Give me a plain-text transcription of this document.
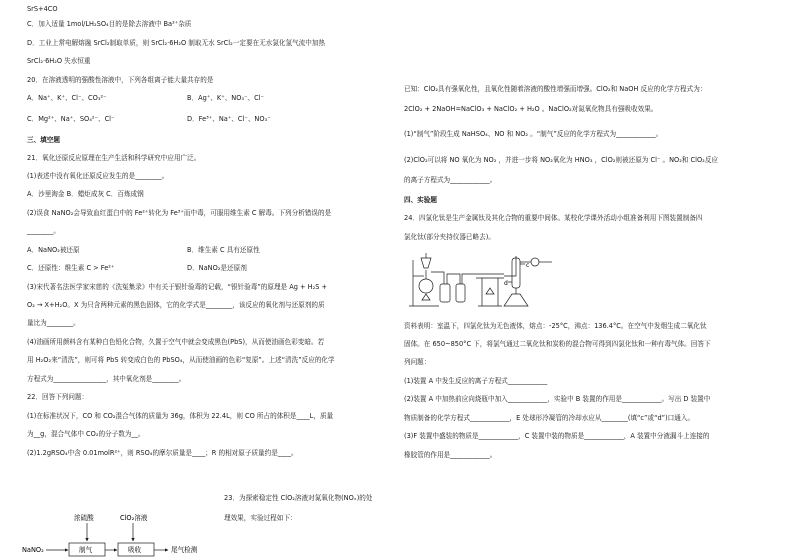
SrS+4CO
C．加入适量 1mol/LH₂SO₄目的是除去溶液中 Ba²⁺杂质
D．工业上常电解熔融 SrCl₂制取单质，则 SrCl₂·6H₂O 制取无水 SrCl₂一定要在无水氯化氢气流中加热
SrCl₂·6H₂O 失水恒重
20．在溶液透明的强酸性溶液中，下列各组离子能大量共存的是
A．Na⁺、K⁺、Cl⁻、CO₃²⁻	B．Ag⁺、K⁺、NO₃⁻、Cl⁻
C．Mg²⁺、Na⁺、SO₄²⁻、Cl⁻	D．Fe³⁺、Na⁺、Cl⁻、NO₃⁻
三、填空题
21．氧化还原反应原理在生产生活和科学研究中应用广泛。
(1)表述中没有氧化还原反应发生的是________。
A．沙里淘金 B．蜡炬成灰 C．百炼成钢
(2)误食 NaNO₂会导致血红蛋白中的 Fe²⁺转化为 Fe³⁺而中毒，可服用维生素 C 解毒。下列分析错误的是
________。
A．NaNO₂被还原	B．维生素 C 具有还原性
C．还原性：维生素 C > Fe²⁺	D．NaNO₂是还原剂
(3)宋代著名法医学家宋慈的《洗冤集录》中有关于银针验毒的记载，“银针验毒”的原理是 Ag + H₂S +
O₂ → X+H₂O。X 为只含两种元素的黑色固体，它的化学式是________，该反应的氧化剂与还原剂的质
量比为________。
(4)油画所用颜料含有某种白色铅化合物，久置于空气中就会变成黑色(PbS)，从而使油画色彩变暗。若
用 H₂O₂来“清洗”，则可将 PbS 转变成白色的 PbSO₄，从而使油画的色彩“复原”。上述“清洗”反应的化学
方程式为________________，其中氧化剂是________。
22．回答下列问题：
(1)在标准状况下，CO 和 CO₂混合气体的质量为 36g，体积为 22.4L，则 CO 所占的体积是____L，质量
为__g，混合气体中 CO₂的分子数为__。
(2)1.2gRSO₄中含 0.01molR²⁺，则 RSO₄的摩尔质量是____；R 的相对原子质量约是____。
23．为探索稳定性 ClO₂溶液对氮氧化物(NOₓ)的处
理效果，实验过程如下：
浓硫酸	ClO₂溶液
NaNO₂	制气	吸收	尾气检测
已知：ClO₂具有强氧化性，且氧化性随着溶液的酸性增强而增强。ClO₂和 NaOH 反应的化学方程式为：
2ClO₂ + 2NaOH=NaClO₃ + NaClO₂ + H₂O 。NaClO₂对氮氧化物具有强吸收效果。
(1)“制气”阶段生成 NaHSO₄、NO 和 NO₂ 。“制气”反应的化学方程式为____________。
(2)ClO₂可以将 NO 氧化为 NO₂ ，并进一步将 NO₂氧化为 HNO₃ ，ClO₂则被还原为 Cl⁻ 。NO₂和 ClO₂反应
的离子方程式为____________。
四、实验题
24．四氯化钛是生产金属钛及其化合物的重要中间体。某校化学课外活动小组准备利用下图装置制备四
氯化钛(部分夹持仪器已略去)。
资料表明：室温下，四氯化钛为无色液体，熔点：-25°C，沸点：136.4°C。在空气中发烟生成二氧化钛
固体。在 650~850°C 下，将氯气通过二氧化钛和炭粉的混合物可得到四氯化钛和一种有毒气体。回答下
列问题：
(1)装置 A 中发生反应的离子方程式____________
(2)装置 A 中加热前应向烧瓶中加入____________，实验中 B 装置的作用是____________。写出 D 装置中
物质制备的化学方程式____________，E 处球形冷凝管的冷却水应从________(填“c”或“d”)口通入。
(3)F 装置中盛装的物质是____________，C 装置中装的物质是____________，A 装置中分液漏斗上连接的
橡胶管的作用是____________。
c
d
